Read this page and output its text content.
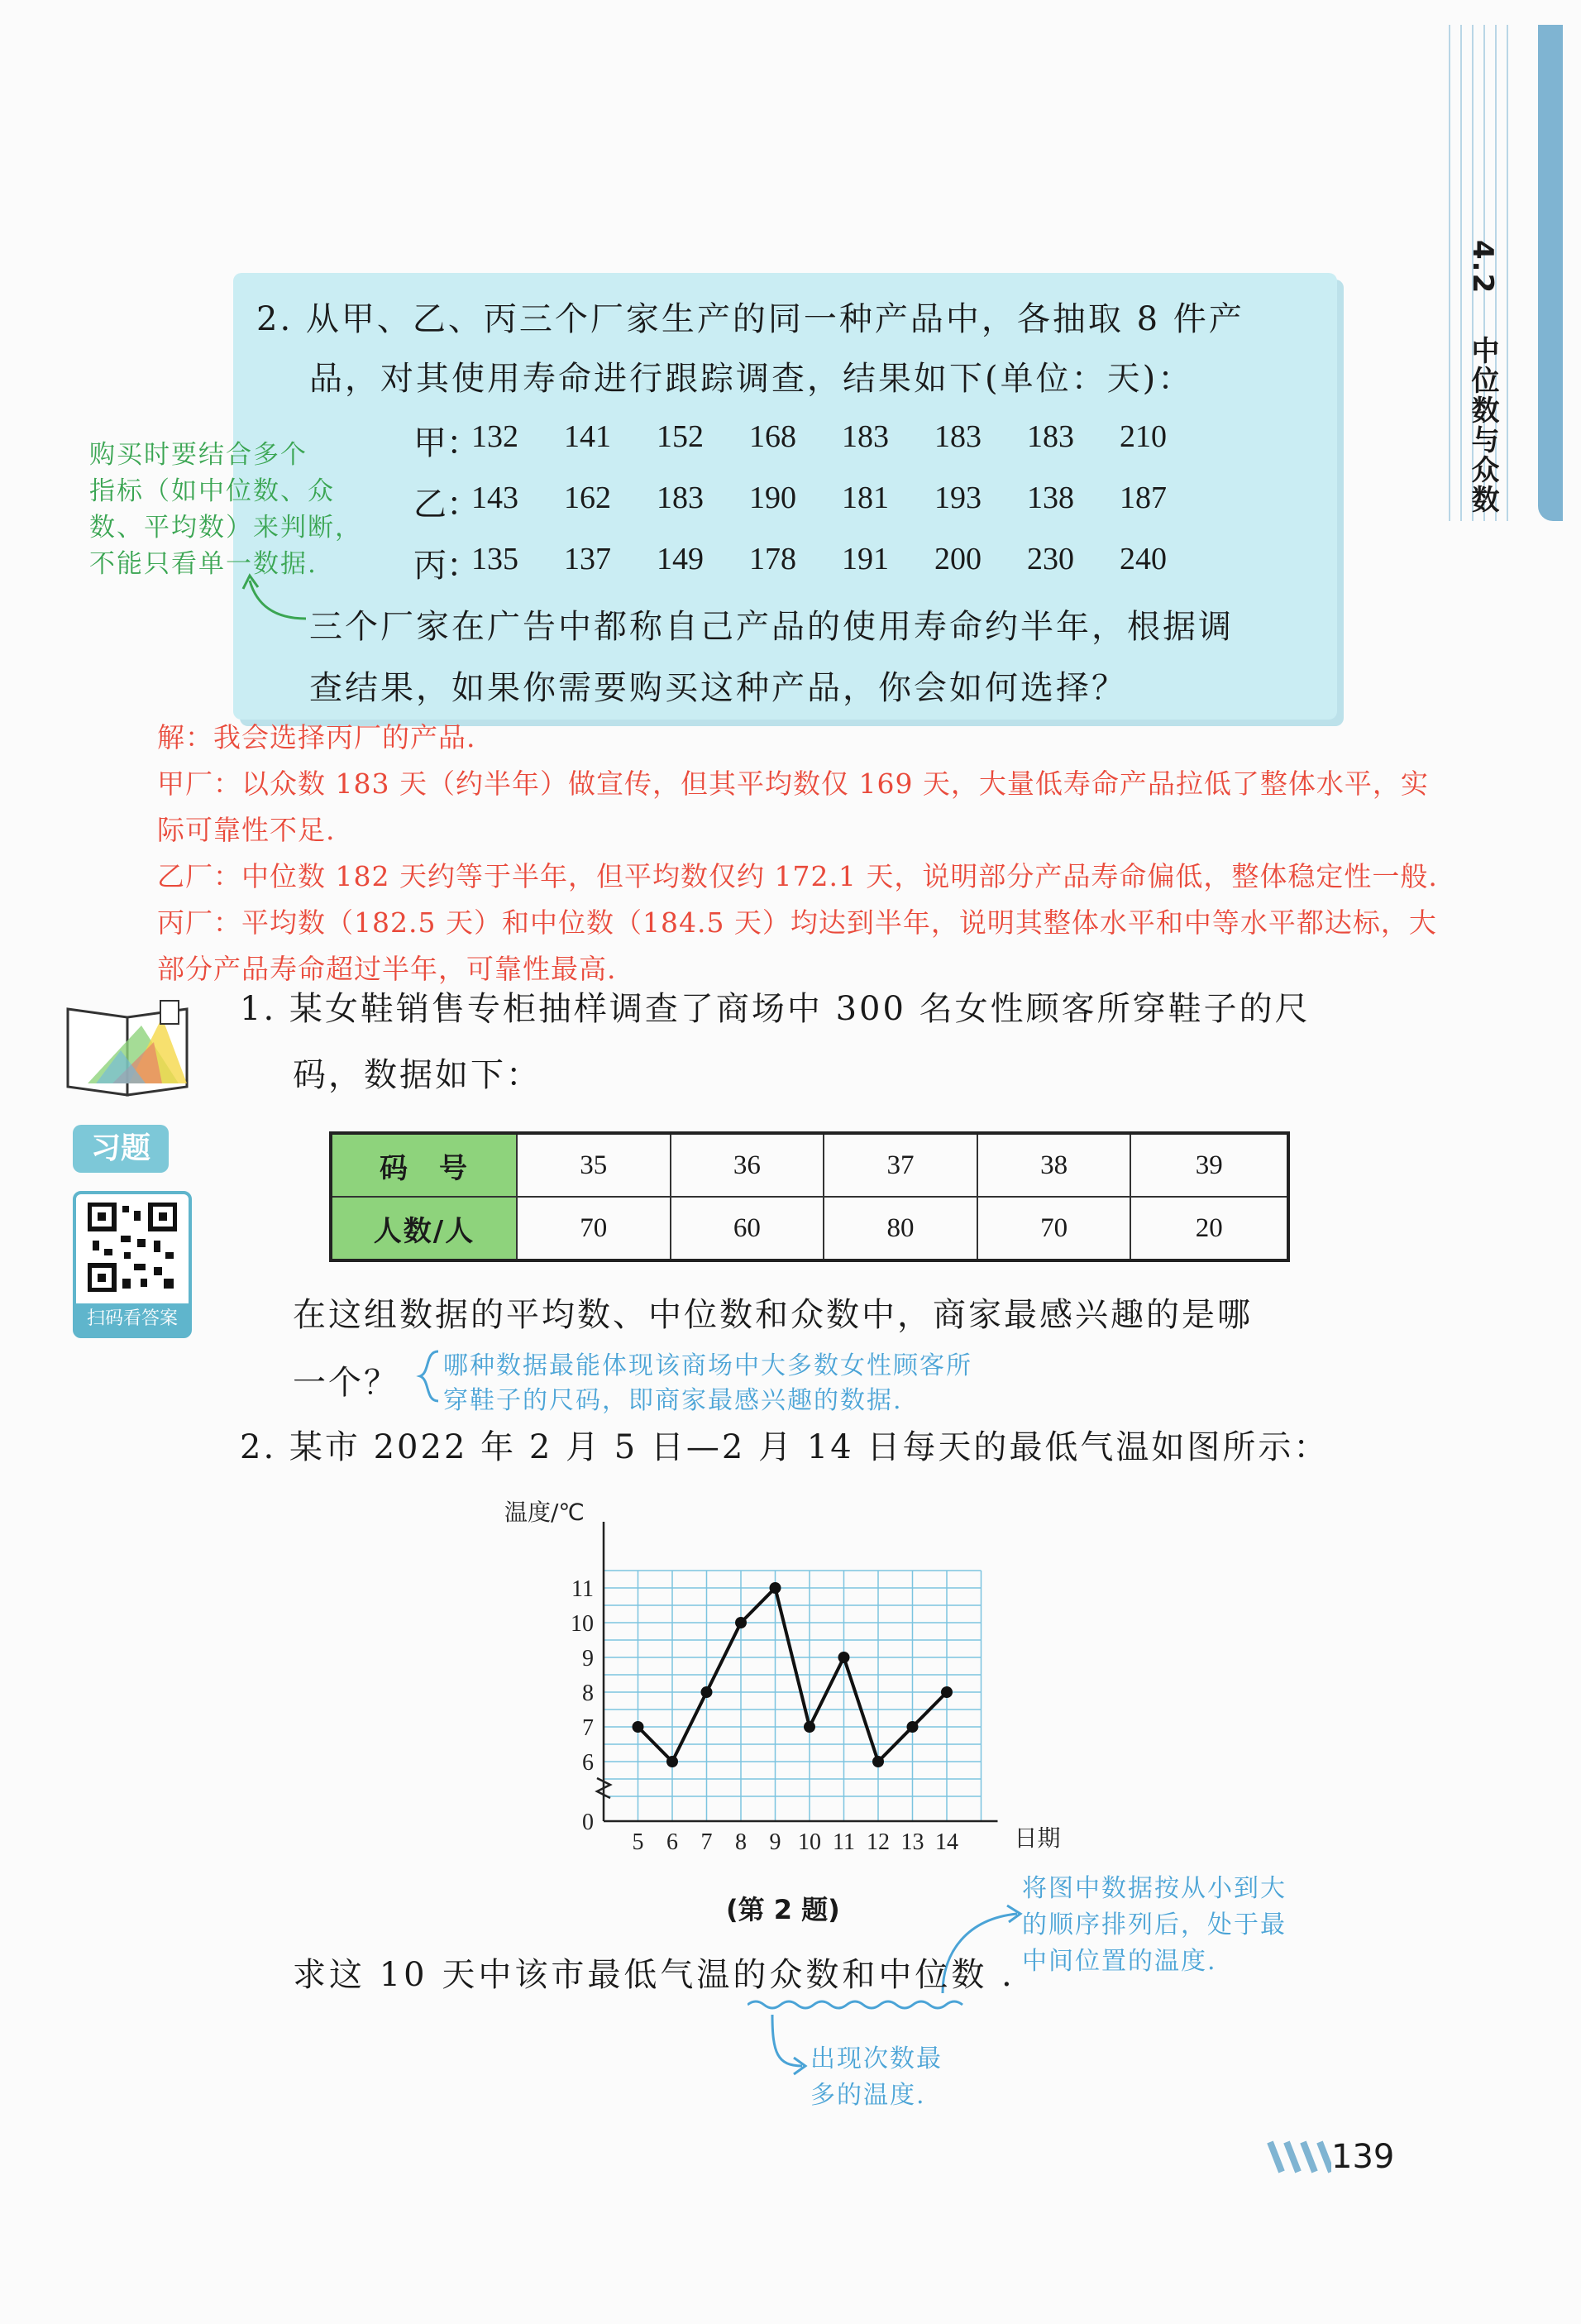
4.2  中位数与众数
2. 从甲、乙、丙三个厂家生产的同一种产品中，各抽取 8 件产
品，对其使用寿命进行跟踪调查，结果如下(单位：天)：
甲：
132 141 152 168 183 183 183 210
乙：
143 162 183 190 181 193 138 187
丙：
135 137 149 178 191 200 230 240
三个厂家在广告中都称自己产品的使用寿命约半年，根据调
查结果，如果你需要购买这种产品，你会如何选择？
购买时要结合多个
指标（如中位数、众
数、平均数）来判断，
不能只看单一数据.
解：我会选择丙厂的产品.
甲厂：以众数 183 天（约半年）做宣传，但其平均数仅 169 天，大量低寿命产品拉低了整体水平，实
际可靠性不足.
乙厂：中位数 182 天约等于半年，但平均数仅约 172.1 天，说明部分产品寿命偏低，整体稳定性一般.
丙厂：平均数（182.5 天）和中位数（184.5 天）均达到半年，说明其整体水平和中等水平都达标，大
部分产品寿命超过半年，可靠性最高.
习题
扫码看答案
1. 某女鞋销售专柜抽样调查了商场中 300 名女性顾客所穿鞋子的尺
码，数据如下：
码　号	35	36	37	38	39
人数/人	70	60	80	70	20
在这组数据的平均数、中位数和众数中，商家最感兴趣的是哪
一个？ 哪种数据最能体现该商场中大多数女性顾客所
穿鞋子的尺码，即商家最感兴趣的数据.
2. 某市 2022 年 2 月 5 日—2 月 14 日每天的最低气温如图所示：
温度/℃
日期
0
6
7
8
9
10
11
5 6 7 8 9 10 11 12 13 14
(第 2 题)
将图中数据按从小到大
的顺序排列后，处于最
中间位置的温度.
求这 10 天中该市最低气温的众数和中位数 .
出现次数最
多的温度.
139
